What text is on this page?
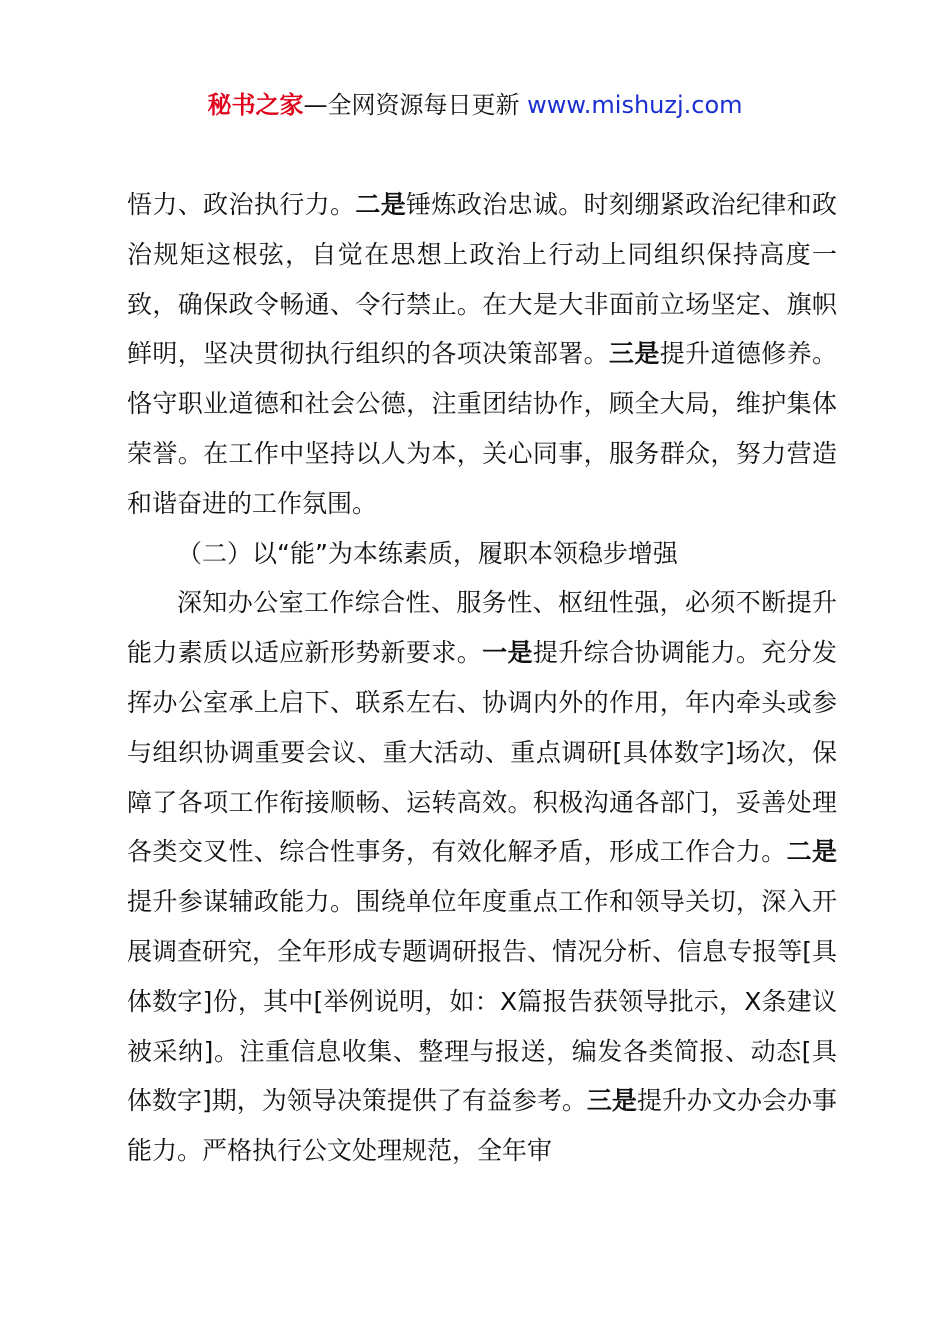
秘书之家—全网资源每日更新 www.mishuzj.com

悟力、政治执行力。二是锤炼政治忠诚。时刻绷紧政治纪律和政治规矩这根弦，自觉在思想上政治上行动上同组织保持高度一致，确保政令畅通、令行禁止。在大是大非面前立场坚定、旗帜鲜明，坚决贯彻执行组织的各项决策部署。三是提升道德修养。恪守职业道德和社会公德，注重团结协作，顾全大局，维护集体荣誉。在工作中坚持以人为本，关心同事，服务群众，努力营造和谐奋进的工作氛围。

（二）以“能”为本练素质，履职本领稳步增强

深知办公室工作综合性、服务性、枢纽性强，必须不断提升能力素质以适应新形势新要求。一是提升综合协调能力。充分发挥办公室承上启下、联系左右、协调内外的作用，年内牵头或参与组织协调重要会议、重大活动、重点调研[具体数字]场次，保障了各项工作衔接顺畅、运转高效。积极沟通各部门，妥善处理各类交叉性、综合性事务，有效化解矛盾，形成工作合力。二是提升参谋辅政能力。围绕单位年度重点工作和领导关切，深入开展调查研究，全年形成专题调研报告、情况分析、信息专报等[具体数字]份，其中[举例说明，如：X篇报告获领导批示，X条建议被采纳]。注重信息收集、整理与报送，编发各类简报、动态[具体数字]期，为领导决策提供了有益参考。三是提升办文办会办事能力。严格执行公文处理规范，全年审
